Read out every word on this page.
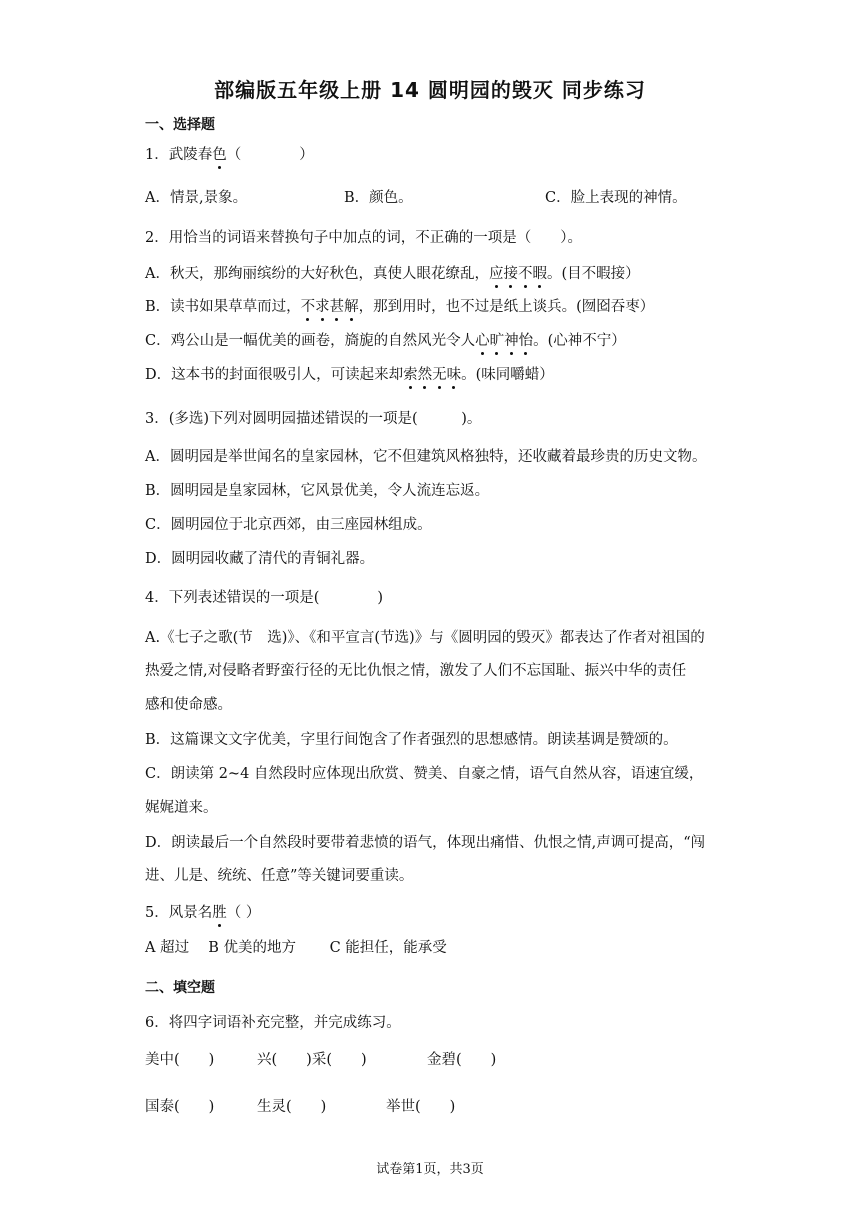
部编版五年级上册 14 圆明园的毁灭 同步练习
一、选择题
1．武陵春色（　　　　）
A．情景,景象。	B．颜色。	C．脸上表现的神情。
2．用恰当的词语来替换句子中加点的词，不正确的一项是（　　）。
A．秋天，那绚丽缤纷的大好秋色，真使人眼花缭乱，应接不暇。(目不暇接）
B．读书如果草草而过，不求甚解，那到用时，也不过是纸上谈兵。(囫囵吞枣）
C．鸡公山是一幅优美的画卷，旖旎的自然风光令人心旷神怡。(心神不宁）
D．这本书的封面很吸引人，可读起来却索然无味。(味同嚼蜡）
3．(多选)下列对圆明园描述错误的一项是(　　　)。
A．圆明园是举世闻名的皇家园林，它不但建筑风格独特，还收藏着最珍贵的历史文物。
B．圆明园是皇家园林，它风景优美，令人流连忘返。
C．圆明园位于北京西郊，由三座园林组成。
D．圆明园收藏了清代的青铜礼器。
4．下列表述错误的一项是(　　　　)
A.《七子之歌(节　选)》、《和平宣言(节选)》与《圆明园的毁灭》都表达了作者对祖国的
热爱之情,对侵略者野蛮行径的无比仇恨之情，激发了人们不忘国耻、振兴中华的责任
感和使命感。
B．这篇课文文字优美，字里行间饱含了作者强烈的思想感情。朗读基调是赞颂的。
C．朗读第 2~4 自然段时应体现出欣赏、赞美、自豪之情，语气自然从容，语速宜缓，
娓娓道来。
D．朗读最后一个自然段时要带着悲愤的语气，体现出痛惜、仇恨之情,声调可提高，“闯
进、儿是、统统、任意”等关键词要重读。
5．风景名胜（ ）
A 超过　 B 优美的地方　　 C 能担任，能承受
二、填空题
6．将四字词语补充完整，并完成练习。
美中(　　)	兴(　　)采(　　)	金碧(　　)
国泰(　　)	生灵(　　)	举世(　　)
试卷第1页，共3页
